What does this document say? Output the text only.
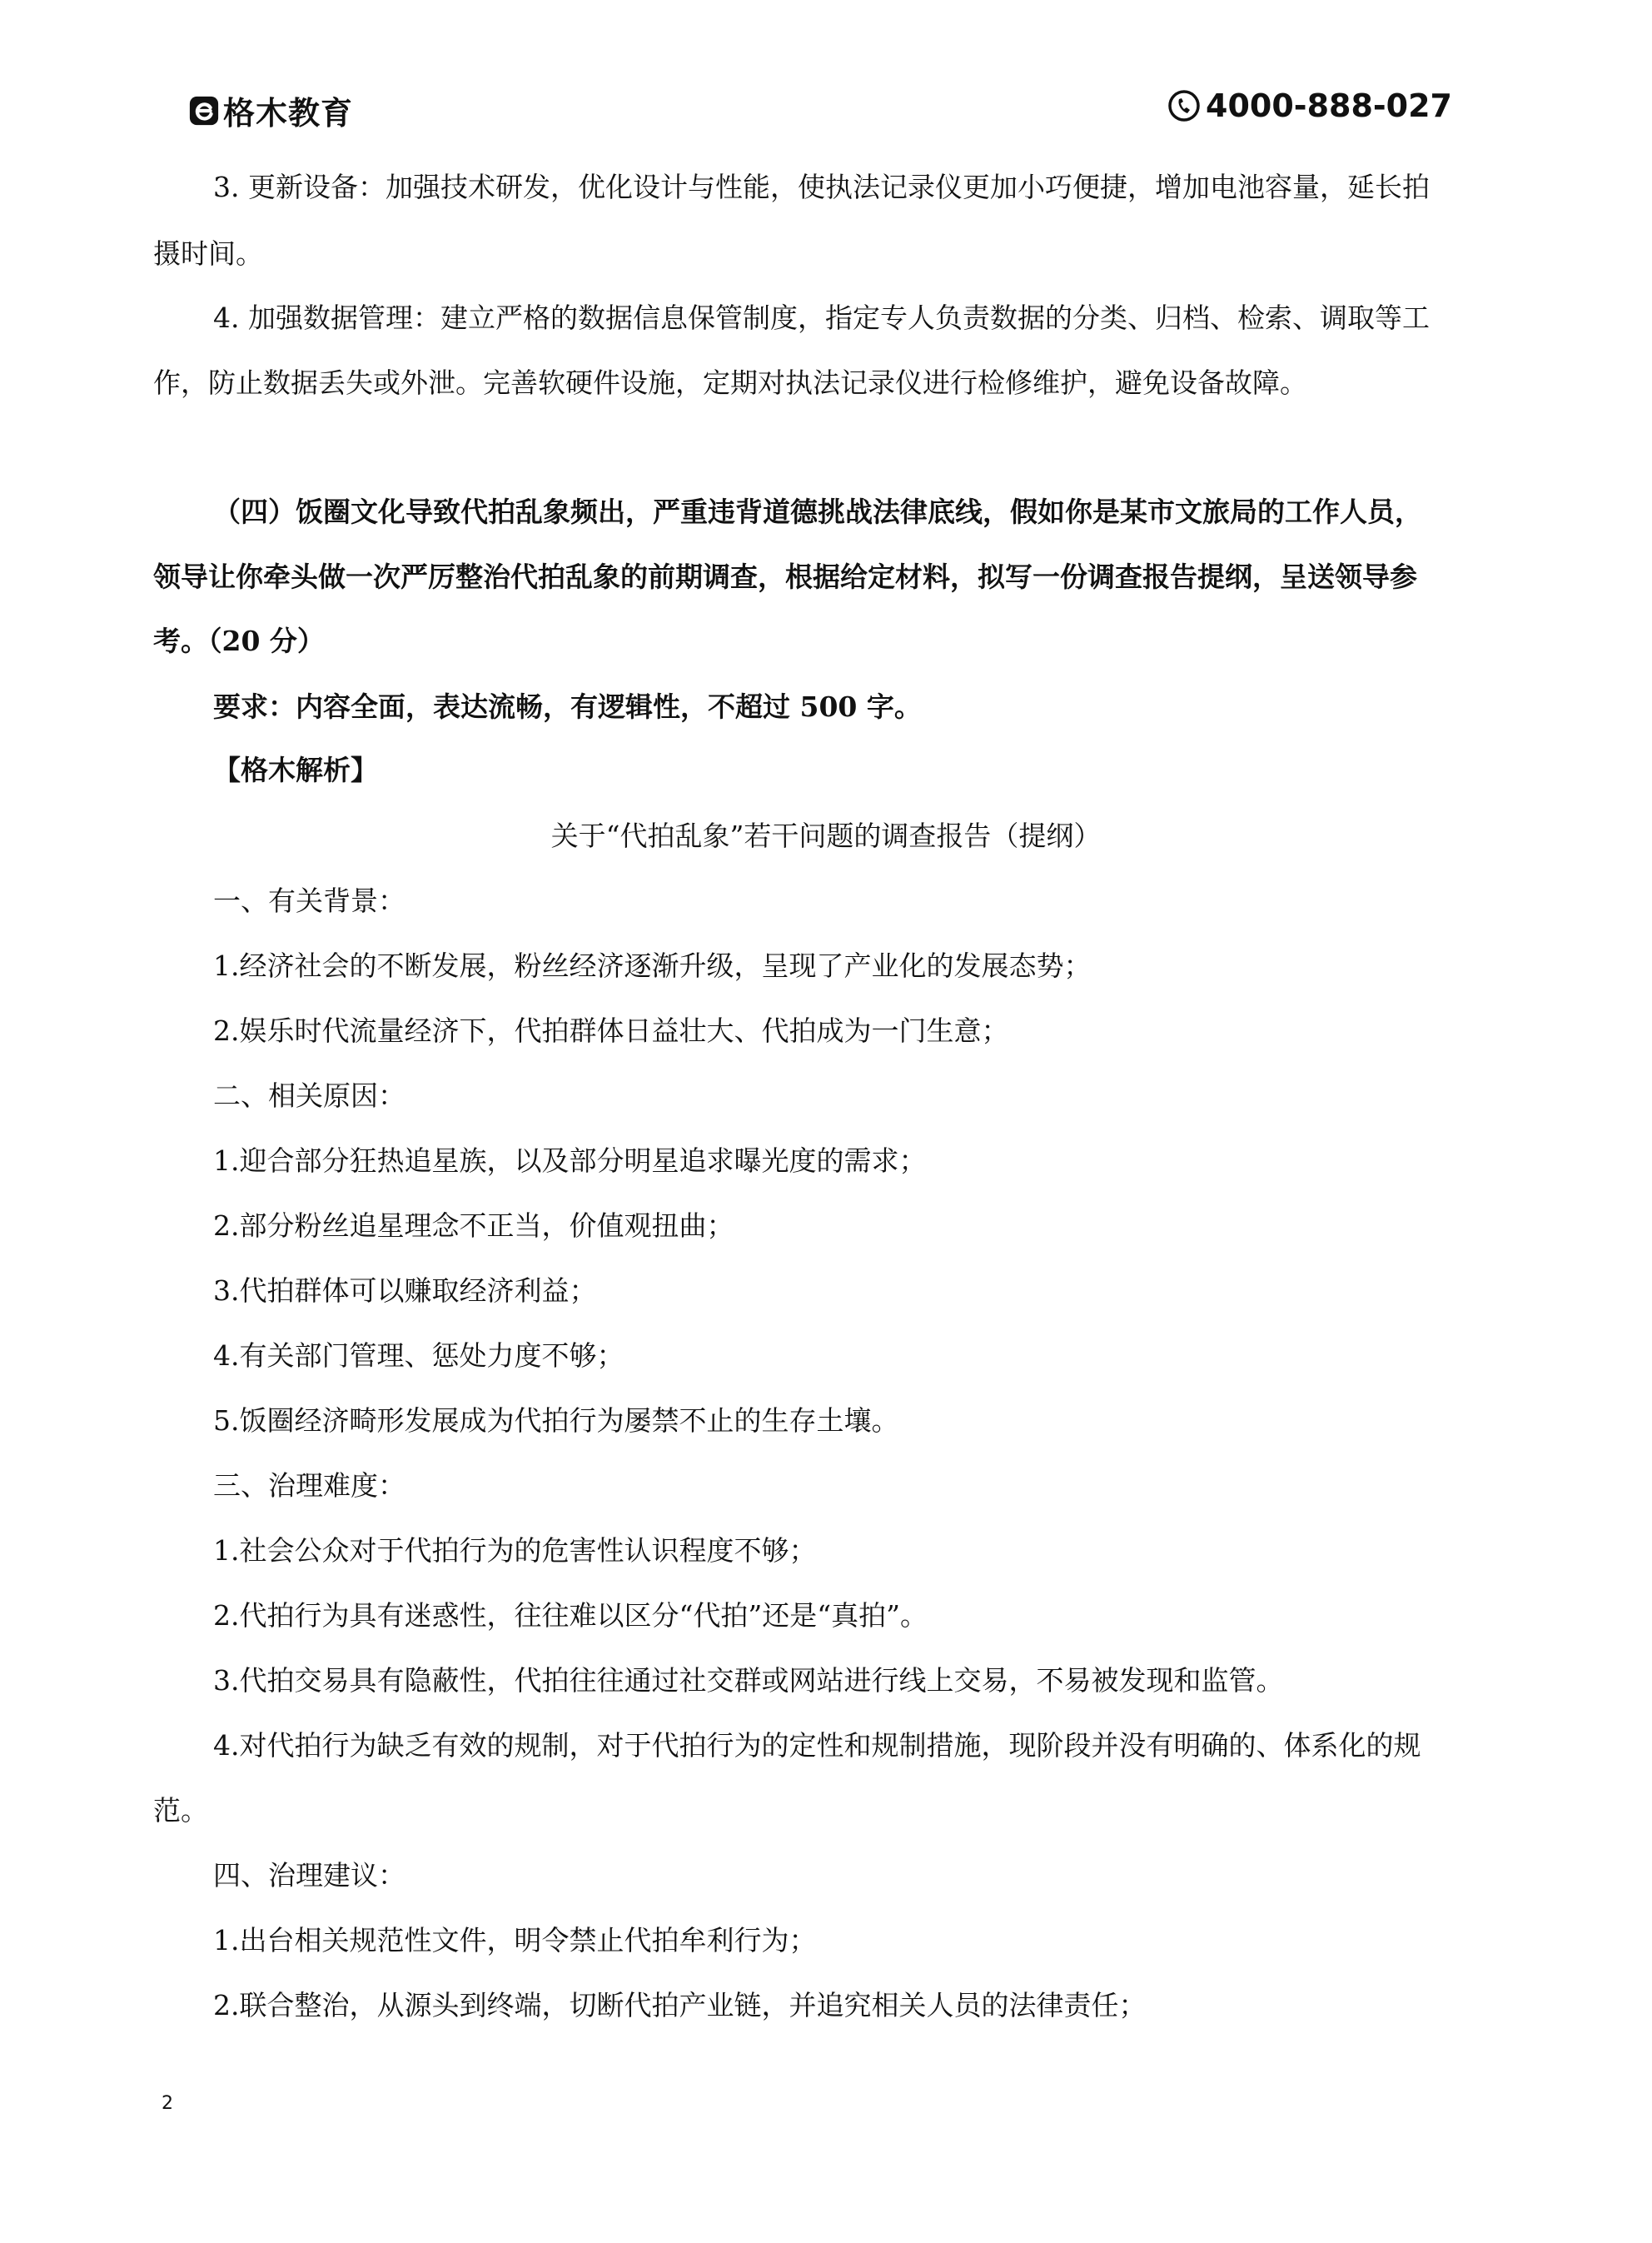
格木教育	4000-888-027
3. 更新设备：加强技术研发，优化设计与性能，使执法记录仪更加小巧便捷，增加电池容量，延长拍
摄时间。
4. 加强数据管理：建立严格的数据信息保管制度，指定专人负责数据的分类、归档、检索、调取等工
作，防止数据丢失或外泄。完善软硬件设施，定期对执法记录仪进行检修维护，避免设备故障。
（四）饭圈文化导致代拍乱象频出，严重违背道德挑战法律底线，假如你是某市文旅局的工作人员，
领导让你牵头做一次严厉整治代拍乱象的前期调查，根据给定材料，拟写一份调查报告提纲，呈送领导参
考。（20 分）
要求：内容全面，表达流畅，有逻辑性，不超过 500 字。
【格木解析】
关于“代拍乱象”若干问题的调查报告（提纲）
一、有关背景：
1.经济社会的不断发展，粉丝经济逐渐升级，呈现了产业化的发展态势；
2.娱乐时代流量经济下，代拍群体日益壮大、代拍成为一门生意；
二、相关原因：
1.迎合部分狂热追星族，以及部分明星追求曝光度的需求；
2.部分粉丝追星理念不正当，价值观扭曲；
3.代拍群体可以赚取经济利益；
4.有关部门管理、惩处力度不够；
5.饭圈经济畸形发展成为代拍行为屡禁不止的生存土壤。
三、治理难度：
1.社会公众对于代拍行为的危害性认识程度不够；
2.代拍行为具有迷惑性，往往难以区分“代拍”还是“真拍”。
3.代拍交易具有隐蔽性，代拍往往通过社交群或网站进行线上交易，不易被发现和监管。
4.对代拍行为缺乏有效的规制，对于代拍行为的定性和规制措施，现阶段并没有明确的、体系化的规
范。
四、治理建议：
1.出台相关规范性文件，明令禁止代拍牟利行为；
2.联合整治，从源头到终端，切断代拍产业链，并追究相关人员的法律责任；
2
